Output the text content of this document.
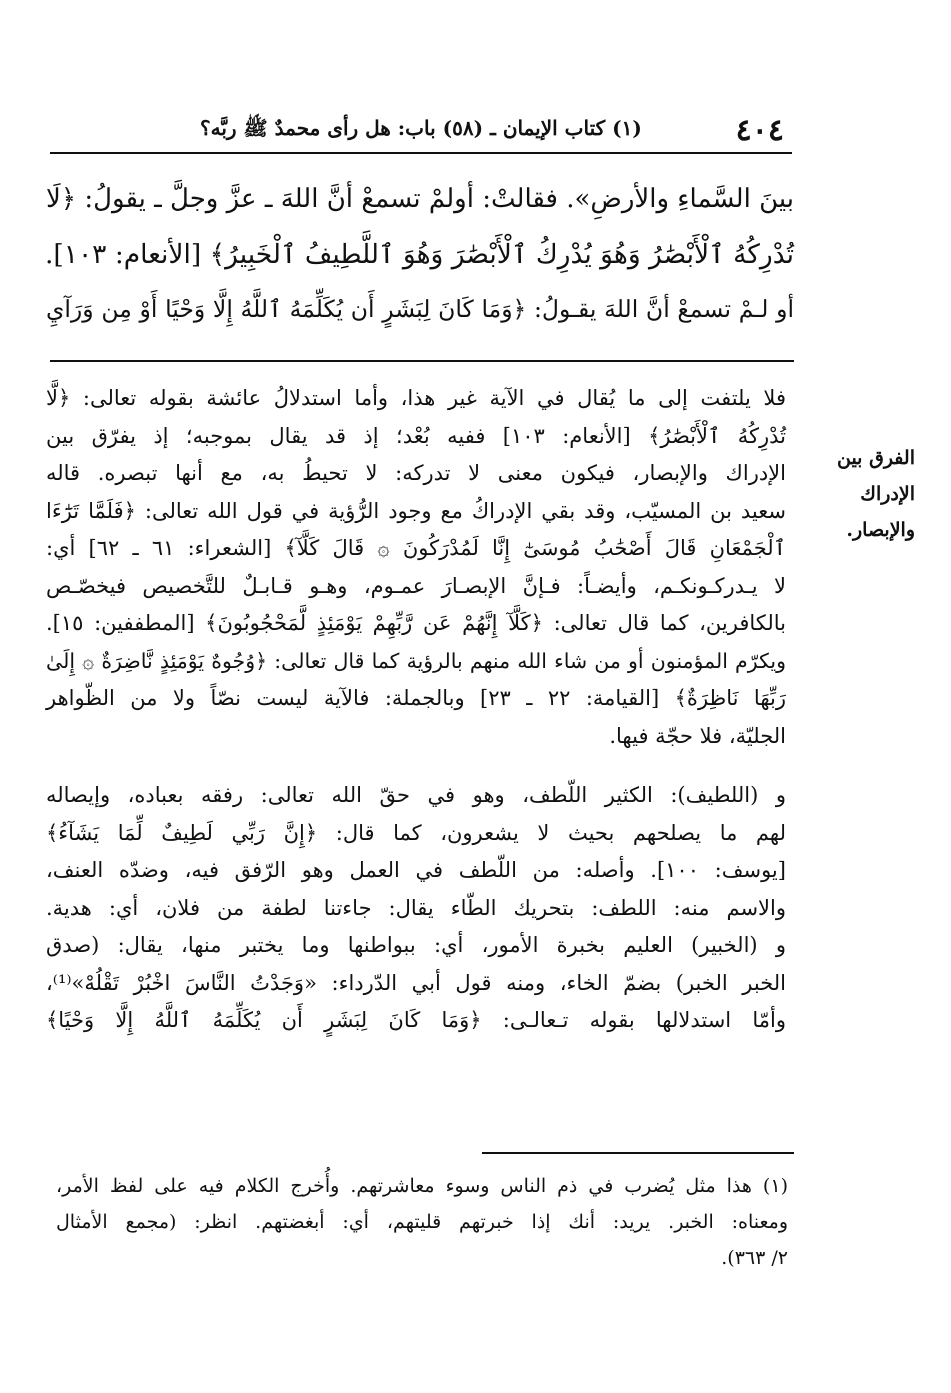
٤٠٤
(١) كتاب الإيمان ـ (٥٨) باب: هل رأى محمدٌ ﷺ ربَّه؟
بينَ السَّماءِ والأرضِ». فقالتْ: أولمْ تسمعْ أنَّ اللهَ ـ عزَّ وجلَّ ـ يقولُ: ﴿لَا
تُدْرِكُهُ ٱلْأَبْصَٰرُ وَهُوَ يُدْرِكُ ٱلْأَبْصَٰرَ وَهُوَ ٱللَّطِيفُ ٱلْخَبِيرُ﴾ [الأنعام: ١٠٣].
أو لـمْ تسمعْ أنَّ اللهَ يقـولُ: ﴿وَمَا كَانَ لِبَشَرٍ أَن يُكَلِّمَهُ ٱللَّهُ إِلَّا وَحْيًا أَوْ مِن وَرَآيِ
الفرق بين
الإدراك
والإبصار.
فلا يلتفت إلى ما يُقال في الآية غير هذا، وأما استدلالُ عائشة بقوله تعالى: ﴿لَّا
تُدْرِكُهُ ٱلْأَبْصَٰرُ﴾ [الأنعام: ١٠٣] ففيه بُعْد؛ إذ قد يقال بموجبه؛ إذ يفرّق بين
الإدراك والإبصار، فيكون معنى لا تدركه: لا تحيطُ به، مع أنها تبصره. قاله
سعيد بن المسيّب، وقد بقي الإدراكُ مع وجود الرُّؤية في قول الله تعالى: ﴿فَلَمَّا تَرَٰٓءَا
ٱلْجَمْعَانِ قَالَ أَصْحَٰبُ مُوسَىٰٓ إِنَّا لَمُدْرَكُونَ ۞ قَالَ كَلَّآ﴾ [الشعراء: ٦١ ـ ٦٢] أي:
لا يـدركـونكـم، وأيضـاً: فـإنَّ الإبصـارَ عمـوم، وهـو قـابـلٌ للتَّخصيص فيخصّـص
بالكافرين، كما قال تعالى: ﴿كَلَّآ إِنَّهُمْ عَن رَّبِّهِمْ يَوْمَئِذٍ لَّمَحْجُوبُونَ﴾ [المطففين: ١٥].
ويكرّم المؤمنون أو من شاء الله منهم بالرؤية كما قال تعالى: ﴿وُجُوهٌ يَوْمَئِذٍ نَّاضِرَةٌ ۞ إِلَىٰ
رَبِّهَا نَاظِرَةٌ﴾ [القيامة: ٢٢ ـ ٢٣] وبالجملة: فالآية ليست نصّاً ولا من الظّواهر
الجليّة، فلا حجّة فيها.
و (اللطيف): الكثير اللّطف، وهو في حقّ الله تعالى: رفقه بعباده، وإيصاله
لهم ما يصلحهم بحيث لا يشعرون، كما قال: ﴿إِنَّ رَبِّي لَطِيفٌ لِّمَا يَشَآءُ﴾
[يوسف: ١٠٠]. وأصله: من اللّطف في العمل وهو الرّفق فيه، وضدّه العنف،
والاسم منه: اللطف: بتحريك الطّاء يقال: جاءتنا لطفة من فلان، أي: هدية.
و (الخبير) العليم بخبرة الأمور، أي: ببواطنها وما يختبر منها، يقال: (صدق
الخبر الخبر) بضمّ الخاء، ومنه قول أبي الدّرداء: «وَجَدْتُ النَّاسَ اخْبُرْ تَقْلُهْ»⁽¹⁾،
وأمّا استدلالها بقوله تـعالـى: ﴿وَمَا كَانَ لِبَشَرٍ أَن يُكَلِّمَهُ ٱللَّهُ إِلَّا وَحْيًا﴾
(١) هذا مثل يُضرب في ذم الناس وسوء معاشرتهم. وأُخرج الكلام فيه على لفظ الأمر،
ومعناه: الخبر. يريد: أنك إذا خبرتهم قليتهم، أي: أبغضتهم. انظر: (مجمع الأمثال
٢/ ٣٦٣).
